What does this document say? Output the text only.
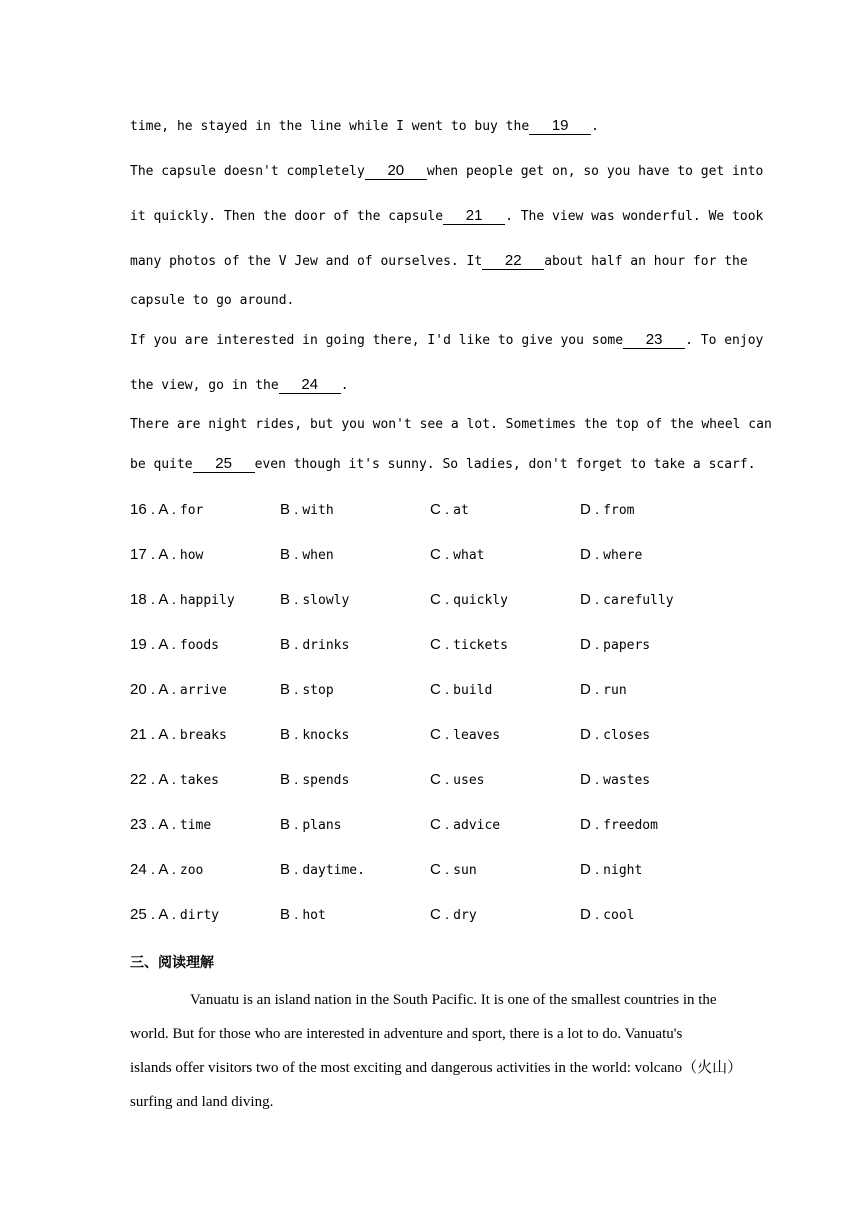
time, he stayed in the line while I went to buy the 19 .
The capsule doesn't completely 20 when people get on, so you have to get into
it quickly. Then the door of the capsule 21 . The view was wonderful. We took
many photos of the V Jew and of ourselves. It 22 about half an hour for the
capsule to go around.
If you are interested in going there, I'd like to give you some 23 . To enjoy
the view, go in the 24 .
There are night rides, but you won't see a lot. Sometimes the top of the wheel can
be quite 25 even though it's sunny. So ladies, don't forget to take a scarf.
16 . A . for	B . with	C . at	D . from
17 . A . how	B . when	C . what	D . where
18 . A . happily	B . slowly	C . quickly	D . carefully
19 . A . foods	B . drinks	C . tickets	D . papers
20 . A . arrive	B . stop	C . build	D . run
21 . A . breaks	B . knocks	C . leaves	D . closes
22 . A . takes	B . spends	C . uses	D . wastes
23 . A . time	B . plans	C . advice	D . freedom
24 . A . zoo	B . daytime.	C . sun	D . night
25 . A . dirty	B . hot	C . dry	D . cool
三、阅读理解
Vanuatu is an island nation in the South Pacific. It is one of the smallest countries in the
world. But for those who are interested in adventure and sport, there is a lot to do. Vanuatu's
islands offer visitors two of the most exciting and dangerous activities in the world: volcano（火山）
surfing and land diving.
